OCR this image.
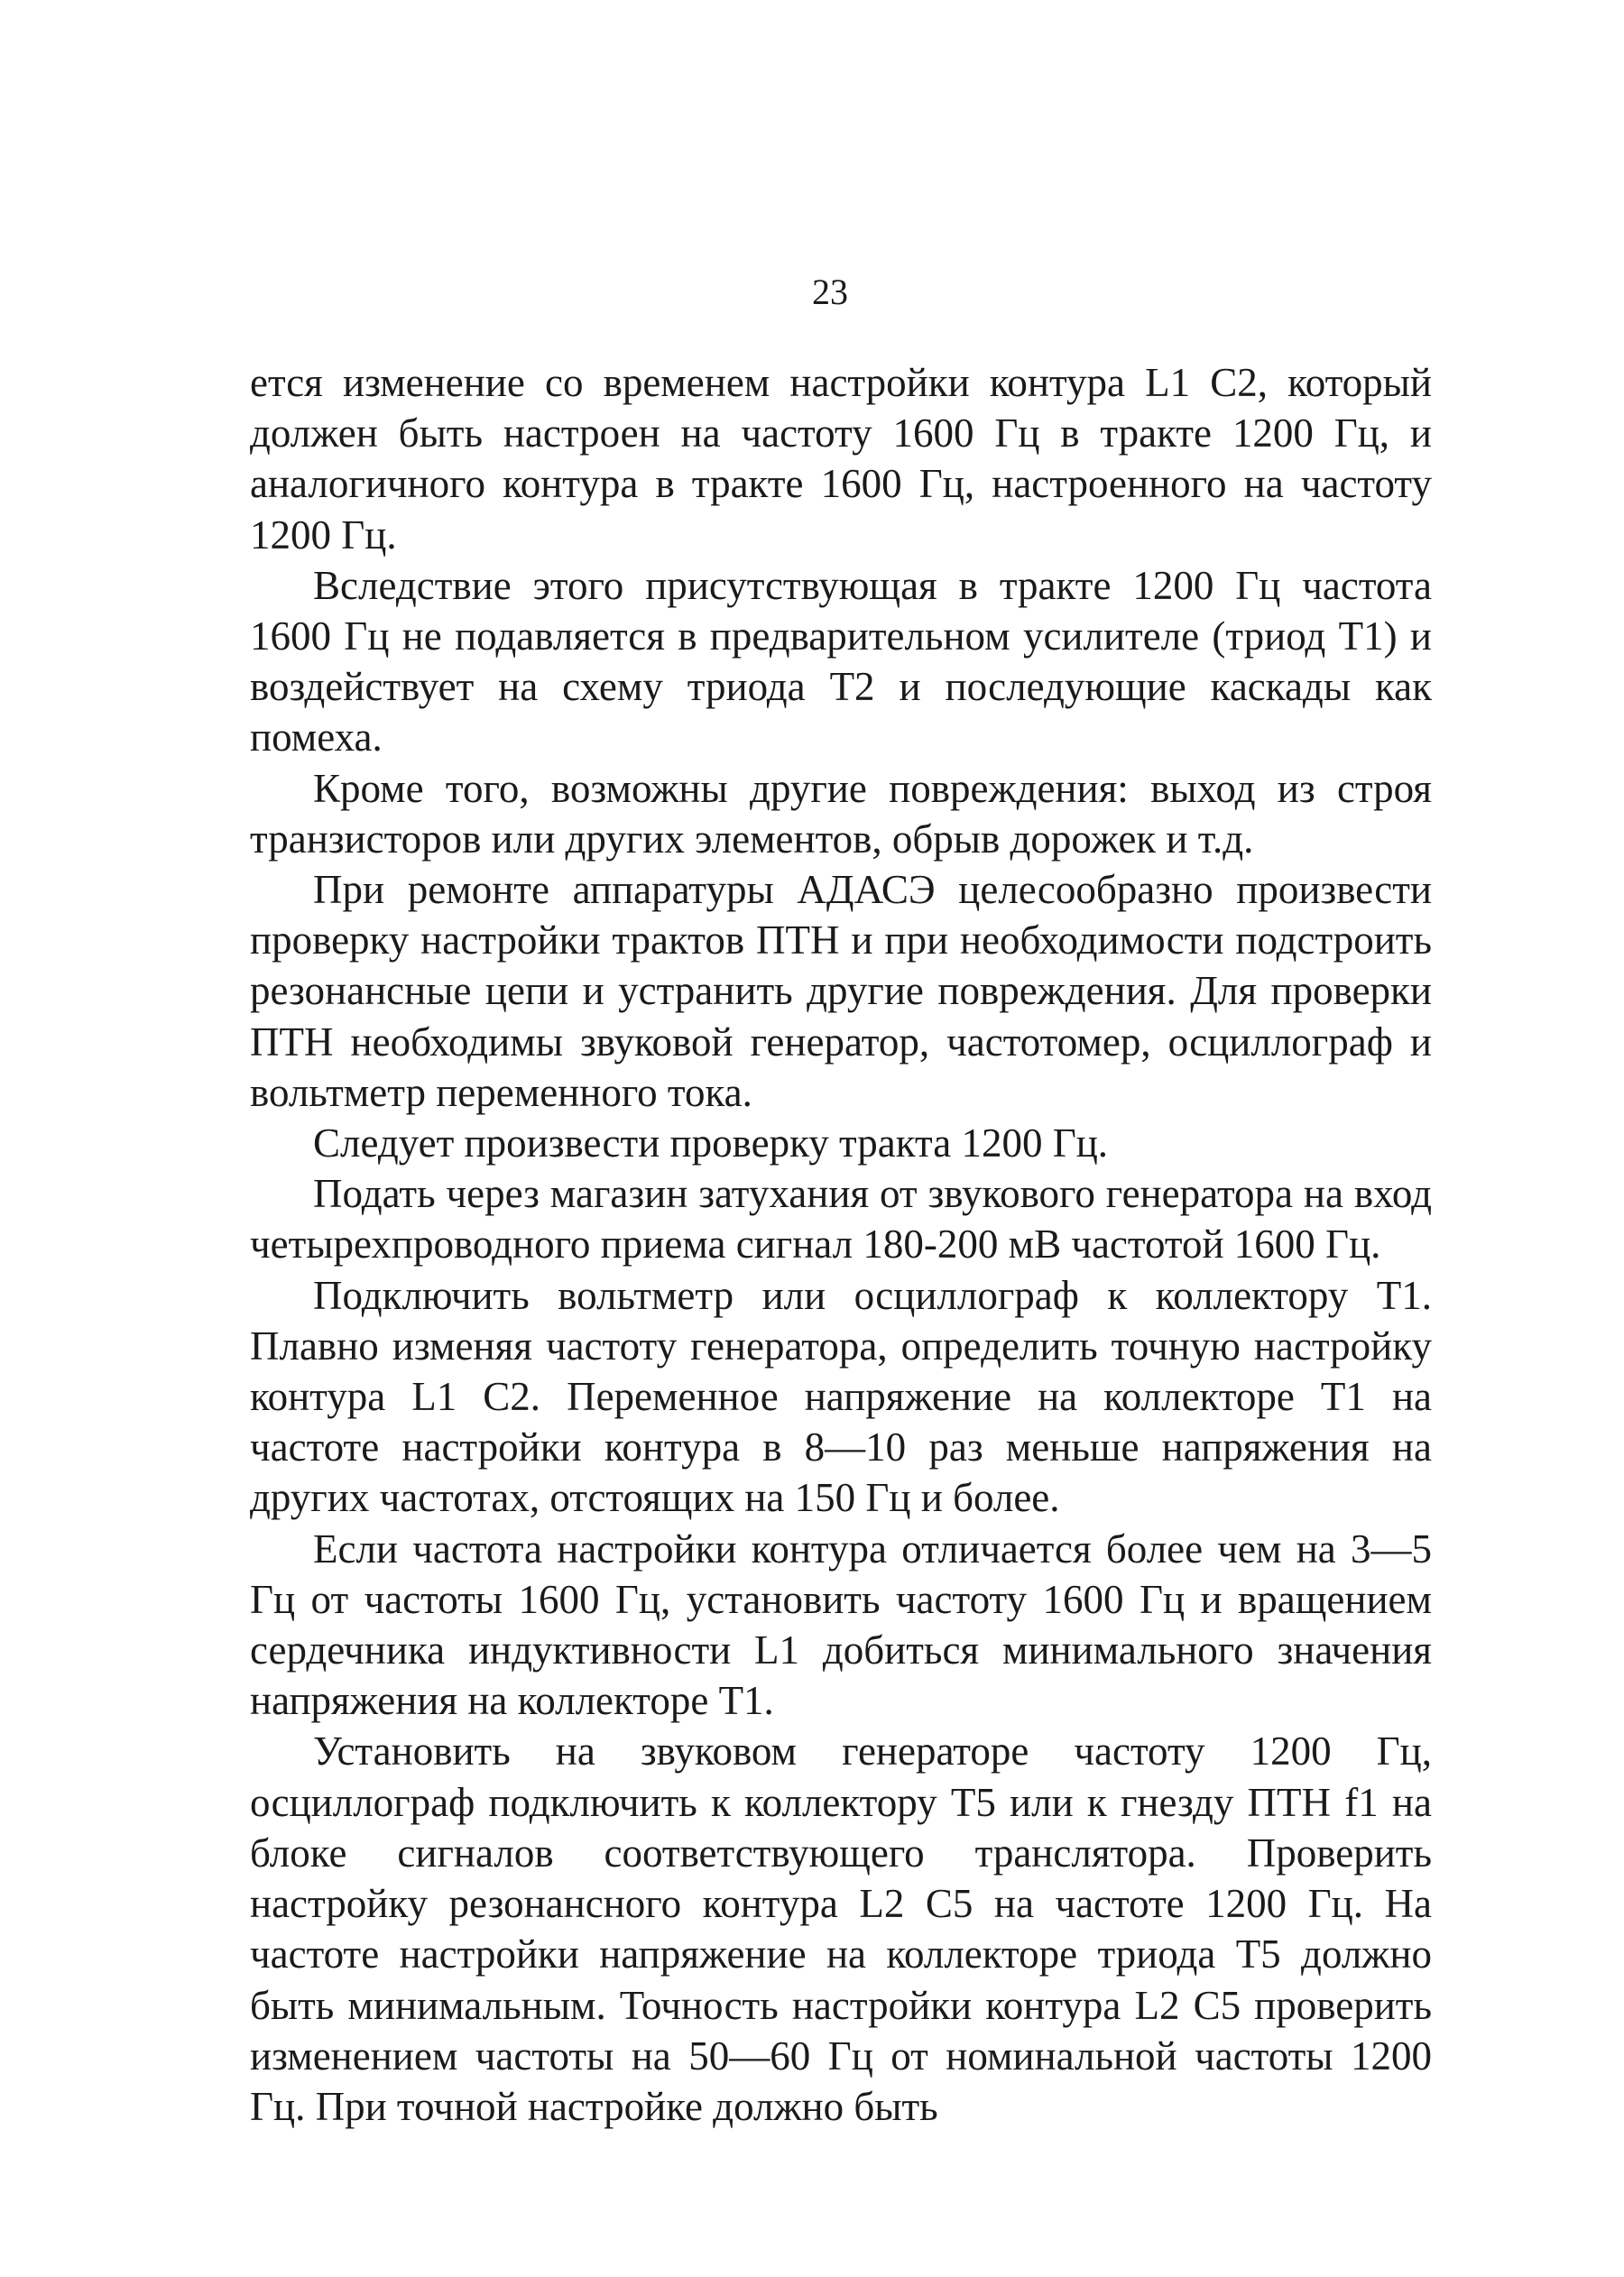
23

ется изменение со временем настройки контура L1 C2, который должен быть настроен на частоту 1600 Гц в тракте 1200 Гц, и аналогичного контура в тракте 1600 Гц, настроенного на частоту 1200 Гц.

Вследствие этого присутствующая в тракте 1200 Гц частота 1600 Гц не подавляется в предварительном усилителе (триод T1) и воздействует на схему триода T2 и последующие каскады как помеха.

Кроме того, возможны другие повреждения: выход из строя транзисторов или других элементов, обрыв дорожек и т.д.

При ремонте аппаратуры АДАСЭ целесообразно произвести проверку настройки трактов ПТН и при необходимости подстроить резонансные цепи и устранить другие повреждения. Для проверки ПТН необходимы звуковой генератор, частотомер, осциллограф и вольтметр переменного тока.

Следует произвести проверку тракта 1200 Гц.

Подать через магазин затухания от звукового генератора на вход четырехпроводного приема сигнал 180-200 мВ частотой 1600 Гц.

Подключить вольтметр или осциллограф к коллектору T1. Плавно изменяя частоту генератора, определить точную настройку контура L1 C2. Переменное напряжение на коллекторе T1 на частоте настройки контура в 8—10 раз меньше напряжения на других частотах, отстоящих на 150 Гц и более.

Если частота настройки контура отличается более чем на 3—5 Гц от частоты 1600 Гц, установить частоту 1600 Гц и вращением сердечника индуктивности L1 добиться минимального значения напряжения на коллекторе T1.

Установить на звуковом генераторе частоту 1200 Гц, осциллограф подключить к коллектору T5 или к гнезду ПТН f1 на блоке сигналов соответствующего транслятора. Проверить настройку резонансного контура L2 C5 на частоте 1200 Гц. На частоте настройки напряжение на коллекторе триода T5 должно быть минимальным. Точность настройки контура L2 C5 проверить изменением частоты на 50—60 Гц от номинальной частоты 1200 Гц. При точной настройке должно быть
